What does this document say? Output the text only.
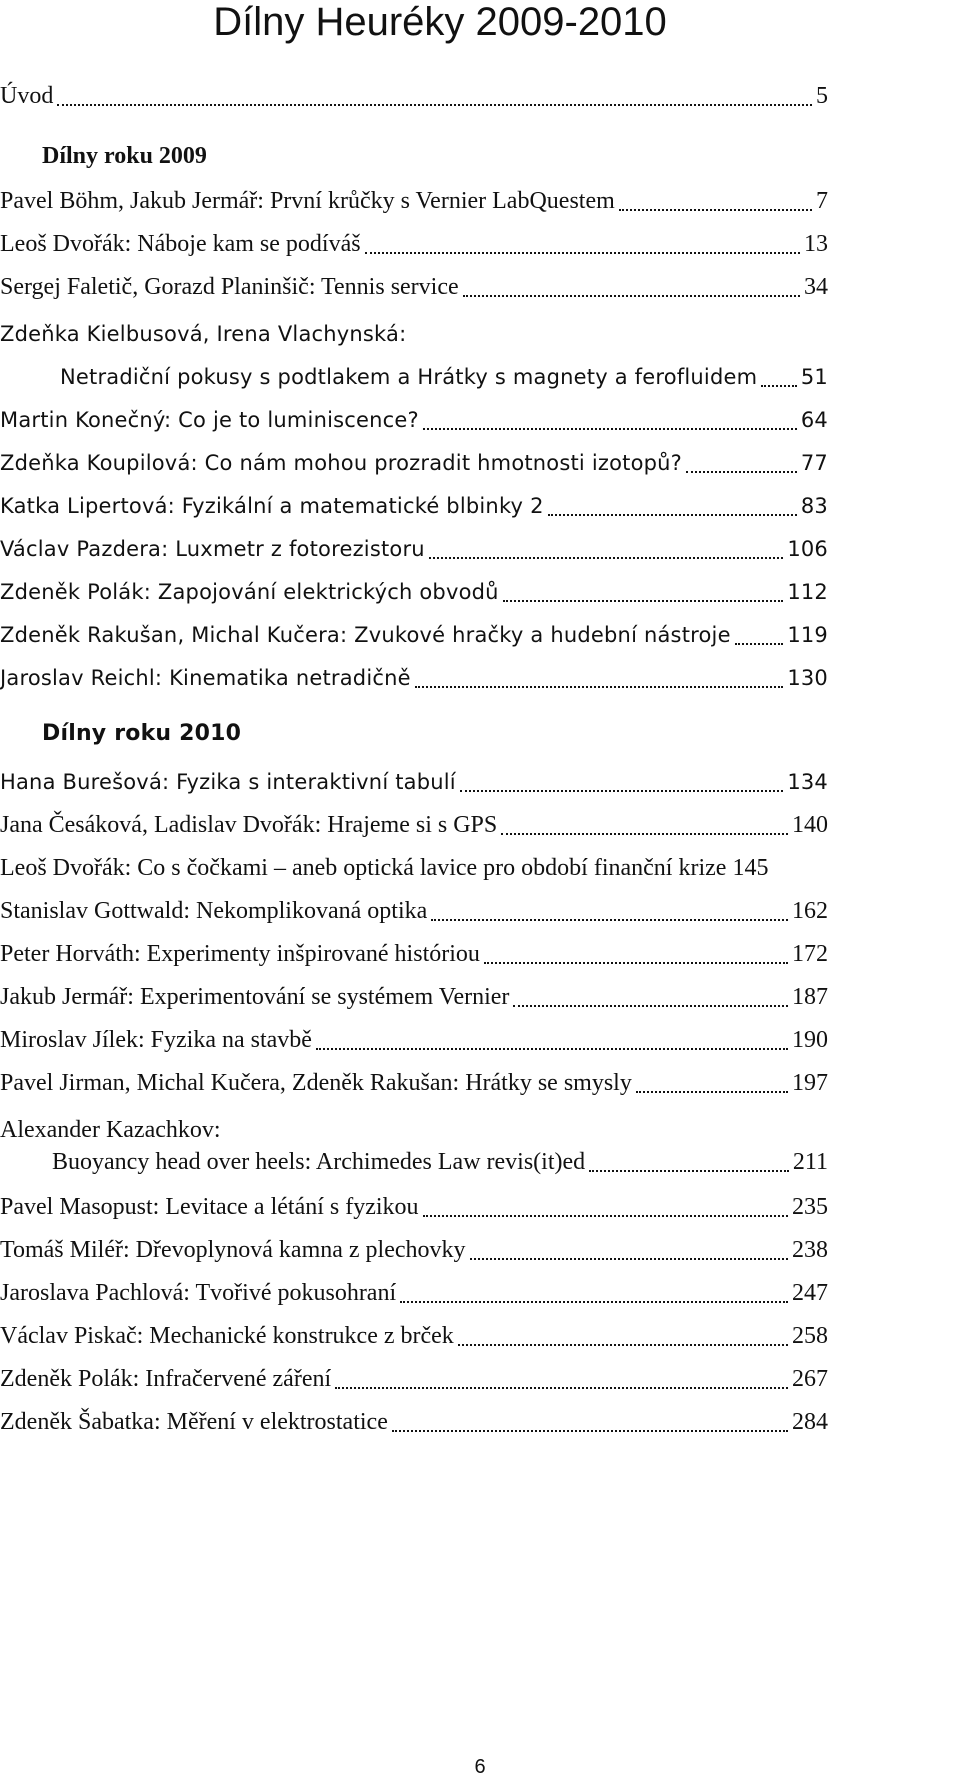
Dílny Heuréky 2009-2010
Úvod	5
Dílny roku 2009
Pavel Böhm, Jakub Jermář: První krůčky s Vernier LabQuestem	7
Leoš Dvořák: Náboje kam se podíváš	13
Sergej Faletič, Gorazd Planinšič: Tennis service	34
Zdeňka Kielbusová, Irena Vlachynská:
Netradiční pokusy s podtlakem a Hrátky s magnety a ferofluidem 51
Martin Konečný: Co je to luminiscence?	64
Zdeňka Koupilová: Co nám mohou prozradit hmotnosti izotopů?	77
Katka Lipertová: Fyzikální a matematické blbinky 2	83
Václav Pazdera: Luxmetr z fotorezistoru	106
Zdeněk Polák: Zapojování elektrických obvodů	112
Zdeněk Rakušan, Michal Kučera: Zvukové hračky a hudební nástroje	119
Jaroslav Reichl: Kinematika netradičně	130
Dílny roku 2010
Hana Burešová: Fyzika s interaktivní tabulí	134
Jana Česáková, Ladislav Dvořák: Hrajeme si s GPS	140
Leoš Dvořák: Co s čočkami – aneb optická lavice pro období finanční krize 145
Stanislav Gottwald: Nekomplikovaná optika	162
Peter Horváth: Experimenty inšpirované históriou	172
Jakub Jermář: Experimentování se systémem Vernier	187
Miroslav Jílek: Fyzika na stavbě	190
Pavel Jirman, Michal Kučera, Zdeněk Rakušan: Hrátky se smysly	197
Alexander Kazachkov:
Buoyancy head over heels: Archimedes Law revis(it)ed	211
Pavel Masopust: Levitace a létání s fyzikou	235
Tomáš Miléř: Dřevoplynová kamna z plechovky	238
Jaroslava Pachlová: Tvořivé pokusohraní	247
Václav Piskač: Mechanické konstrukce z brček	258
Zdeněk Polák: Infračervené záření	267
Zdeněk Šabatka: Měření v elektrostatice	284
6
